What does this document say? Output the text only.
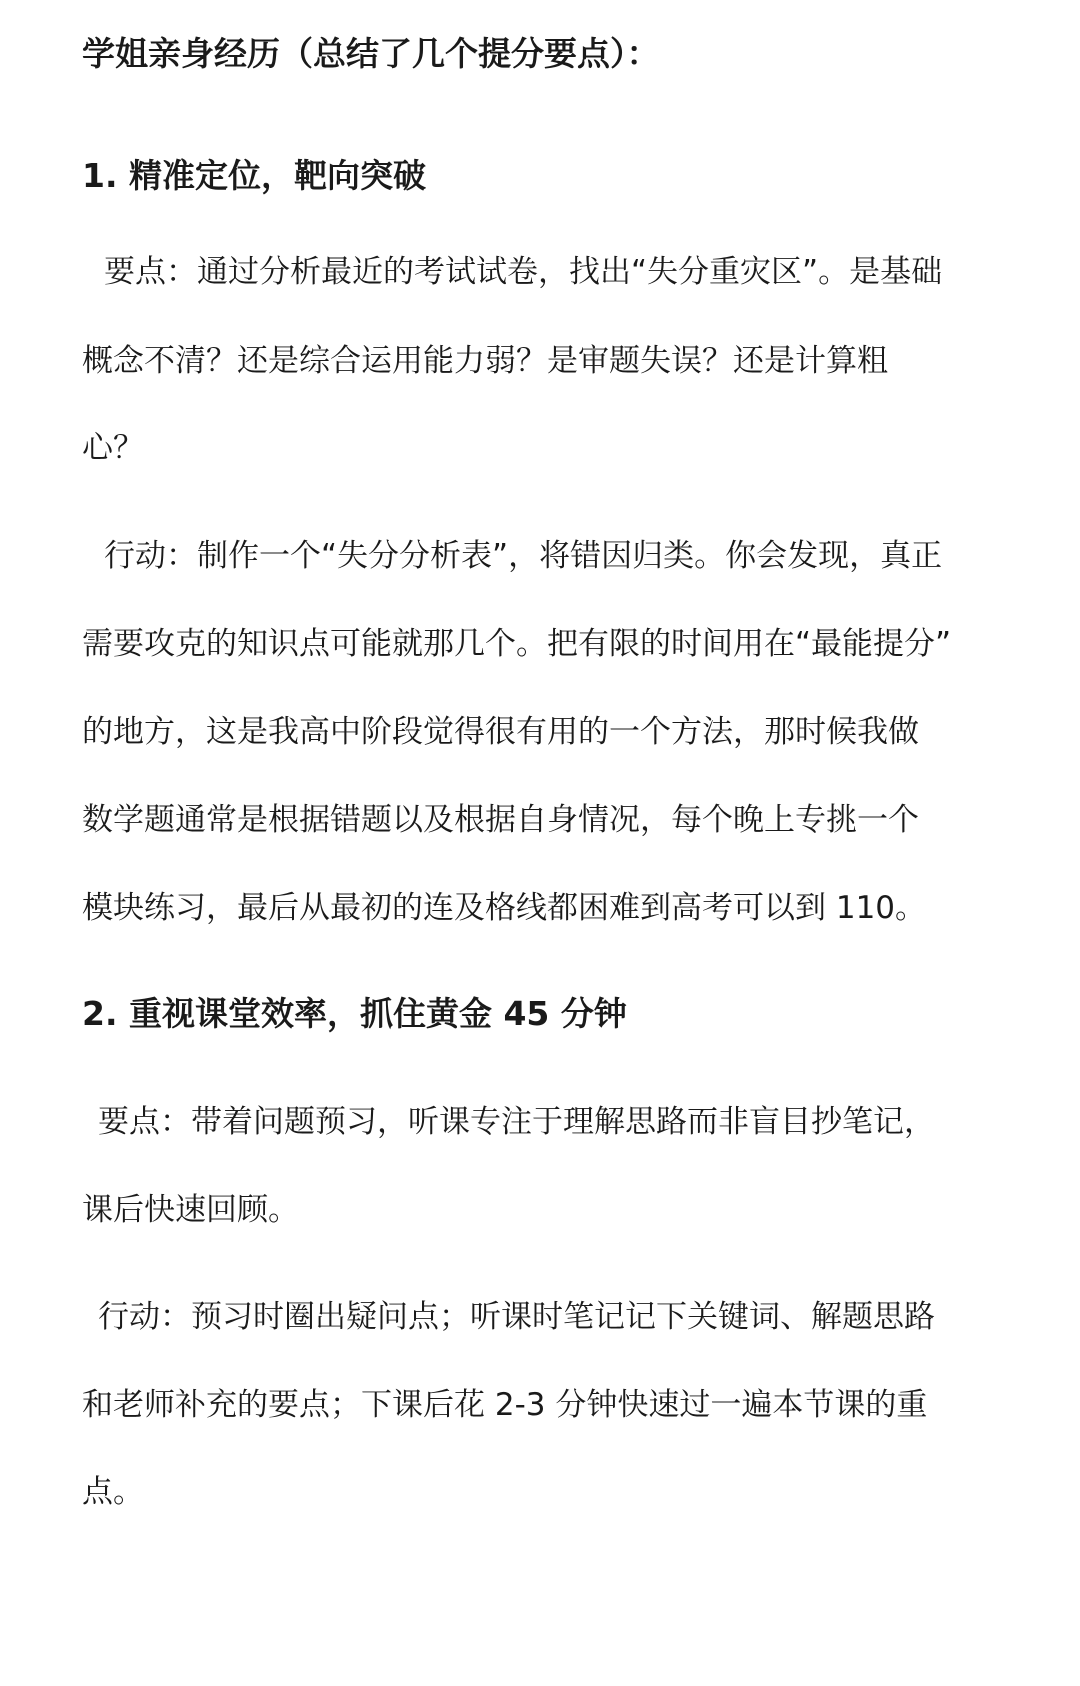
学姐亲身经历（总结了几个提分要点）：
1. 精准定位，靶向突破
要点：通过分析最近的考试试卷，找出“失分重灾区”。是基础
概念不清？还是综合运用能力弱？是审题失误？还是计算粗
心？
行动：制作一个“失分分析表”，将错因归类。你会发现，真正
需要攻克的知识点可能就那几个。把有限的时间用在“最能提分”
的地方，这是我高中阶段觉得很有用的一个方法，那时候我做
数学题通常是根据错题以及根据自身情况，每个晚上专挑一个
模块练习，最后从最初的连及格线都困难到高考可以到 110。
2. 重视课堂效率，抓住黄金 45 分钟
要点：带着问题预习，听课专注于理解思路而非盲目抄笔记，
课后快速回顾。
行动：预习时圈出疑问点；听课时笔记记下关键词、解题思路
和老师补充的要点；下课后花 2-3 分钟快速过一遍本节课的重
点。
